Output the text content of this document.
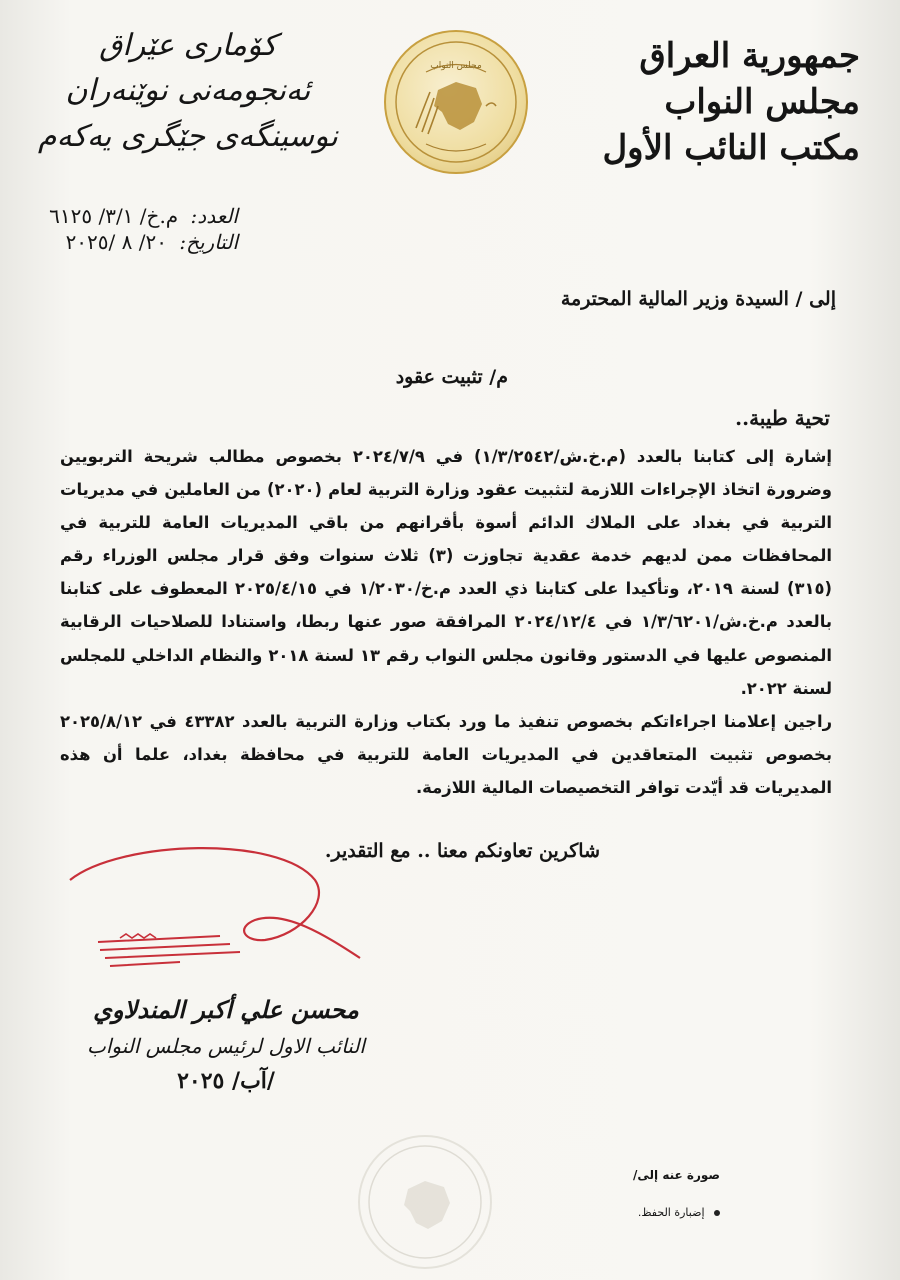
جمهورية العراق
مجلس النواب
مكتب النائب الأول
مجلس النواب
كۆماری عێراق
ئەنجومەنی نوێنەران
نوسینگەی جێگری یەکەم
العدد: م.خ/ ٣/١/ ٦١٢٥
التاريخ: ٢٠/ ٨ /٢٠٢٥
إلى / السيدة وزير المالية المحترمة
م/ تثبيت عقود
تحية طيبة..
إشارة إلى كتابنا بالعدد (م.خ.ش/١/٣/٢٥٤٢) في ٢٠٢٤/٧/٩ بخصوص مطالب شريحة التربويين وضرورة اتخاذ الإجراءات اللازمة لتثبيت عقود وزارة التربية لعام (٢٠٢٠) من العاملين في مديريات التربية في بغداد على الملاك الدائم أسوة بأقرانهم من باقي المديريات العامة للتربية في المحافظات ممن لديهم خدمة عقدية تجاوزت (٣) ثلاث سنوات وفق قرار مجلس الوزراء رقم (٣١٥) لسنة ٢٠١٩، وتأكيدا على كتابنا ذي العدد م.خ/١/٢٠٣٠ في ٢٠٢٥/٤/١٥ المعطوف على كتابنا بالعدد م.خ.ش/١/٣/٦٢٠١ في ٢٠٢٤/١٢/٤ المرافقة صور عنها ربطا، واستنادا للصلاحيات الرقابية المنصوص عليها في الدستور وقانون مجلس النواب رقم ١٣ لسنة ٢٠١٨ والنظام الداخلي للمجلس لسنة ٢٠٢٢.
راجين إعلامنا اجراءاتكم بخصوص تنفيذ ما ورد بكتاب وزارة التربية بالعدد ٤٣٣٨٢ في ٢٠٢٥/٨/١٢ بخصوص تثبيت المتعاقدين في المديريات العامة للتربية في محافظة بغداد، علما أن هذه المديريات قد أيّدت توافر التخصيصات المالية اللازمة.
شاكرين تعاونكم معنا .. مع التقدير.
محسن علي أكبر المندلاوي
النائب الاول لرئيس مجلس النواب
/آب/ ٢٠٢٥
صورة عنه إلى/
إضبارة الحفظ.
